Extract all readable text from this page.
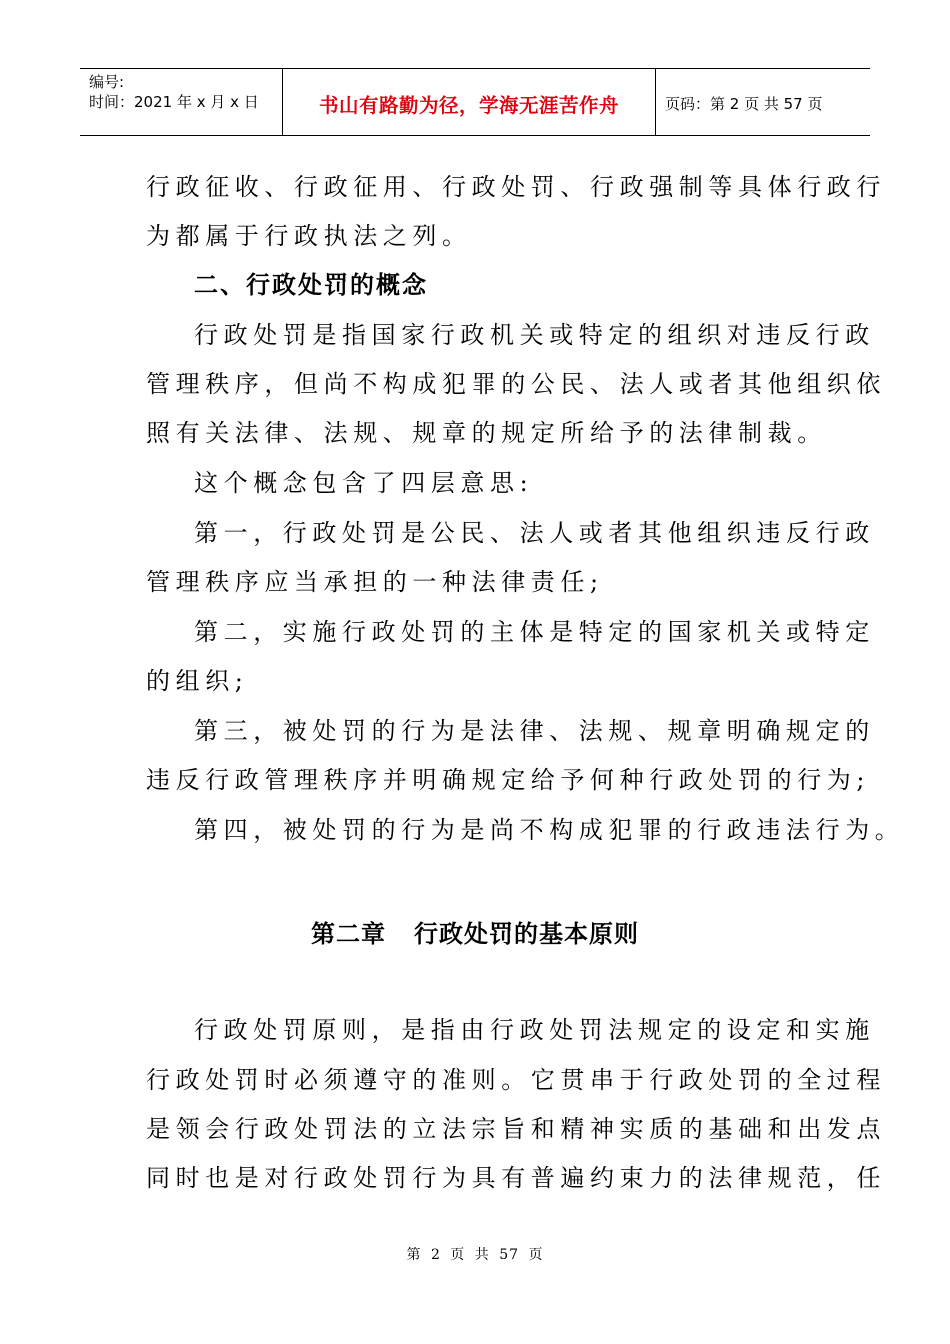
编号:
时间：2021 年 x 月 x 日	书山有路勤为径，学海无涯苦作舟	页码：第 2 页 共 57 页
行政征收、行政征用、行政处罚、行政强制等具体行政行
为都属于行政执法之列。
二、行政处罚的概念
行政处罚是指国家行政机关或特定的组织对违反行政
管理秩序，但尚不构成犯罪的公民、法人或者其他组织依
照有关法律、法规、规章的规定所给予的法律制裁。
这个概念包含了四层意思:
第一，行政处罚是公民、法人或者其他组织违反行政
管理秩序应当承担的一种法律责任;
第二，实施行政处罚的主体是特定的国家机关或特定
的组织;
第三，被处罚的行为是法律、法规、规章明确规定的
违反行政管理秩序并明确规定给予何种行政处罚的行为;
第四，被处罚的行为是尚不构成犯罪的行政违法行为。
第二章   行政处罚的基本原则
行政处罚原则，是指由行政处罚法规定的设定和实施
行政处罚时必须遵守的准则。它贯串于行政处罚的全过程
是领会行政处罚法的立法宗旨和精神实质的基础和出发点
同时也是对行政处罚行为具有普遍约束力的法律规范，任
第 2 页 共 57 页
